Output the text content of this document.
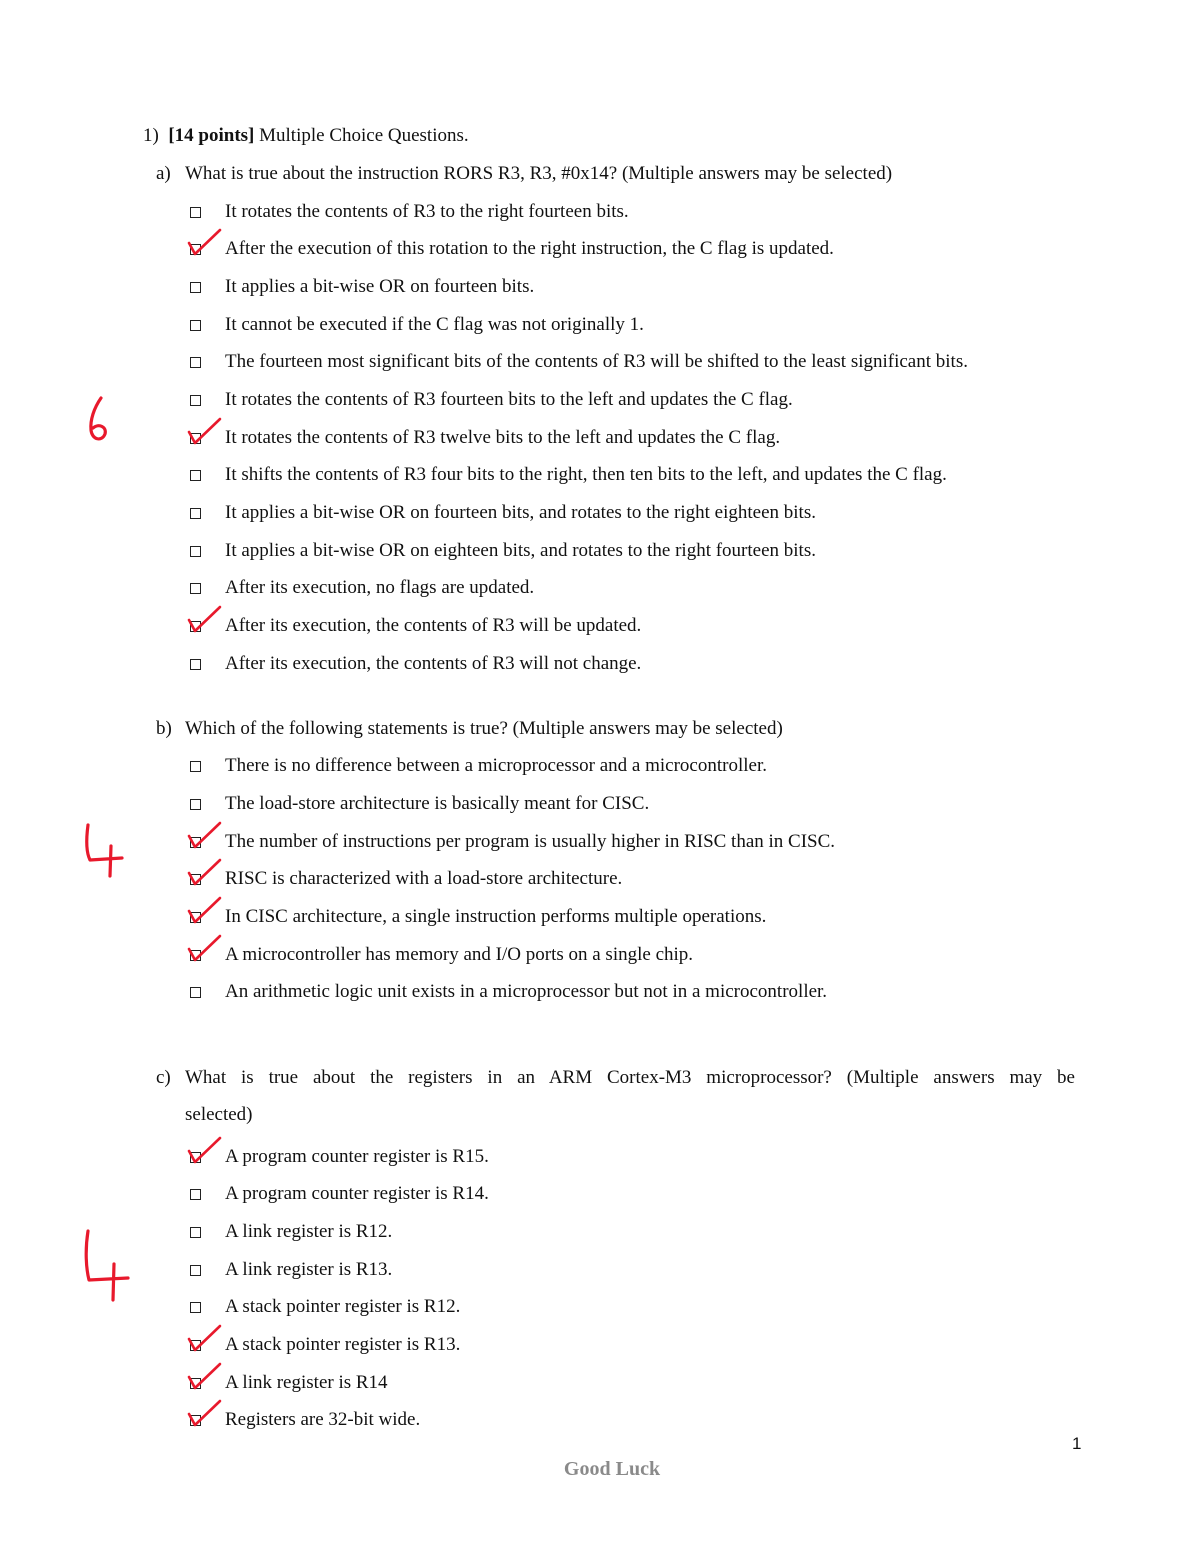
1) [14 points] Multiple Choice Questions.
a) What is true about the instruction RORS R3, R3, #0x14? (Multiple answers may be selected)
It rotates the contents of R3 to the right fourteen bits.
After the execution of this rotation to the right instruction, the C flag is updated.
It applies a bit-wise OR on fourteen bits.
It cannot be executed if the C flag was not originally 1.
The fourteen most significant bits of the contents of R3 will be shifted to the least significant bits.
It rotates the contents of R3 fourteen bits to the left and updates the C flag.
It rotates the contents of R3 twelve bits to the left and updates the C flag.
It shifts the contents of R3 four bits to the right, then ten bits to the left, and updates the C flag.
It applies a bit-wise OR on fourteen bits, and rotates to the right eighteen bits.
It applies a bit-wise OR on eighteen bits, and rotates to the right fourteen bits.
After its execution, no flags are updated.
After its execution, the contents of R3 will be updated.
After its execution, the contents of R3 will not change.
b) Which of the following statements is true? (Multiple answers may be selected)
There is no difference between a microprocessor and a microcontroller.
The load-store architecture is basically meant for CISC.
The number of instructions per program is usually higher in RISC than in CISC.
RISC is characterized with a load-store architecture.
In CISC architecture, a single instruction performs multiple operations.
A microcontroller has memory and I/O ports on a single chip.
An arithmetic logic unit exists in a microprocessor but not in a microcontroller.
c) What is true about the registers in an ARM Cortex-M3 microprocessor? (Multiple answers may be
selected)
A program counter register is R15.
A program counter register is R14.
A link register is R12.
A link register is R13.
A stack pointer register is R12.
A stack pointer register is R13.
A link register is R14
Registers are 32-bit wide.
1
Good Luck
